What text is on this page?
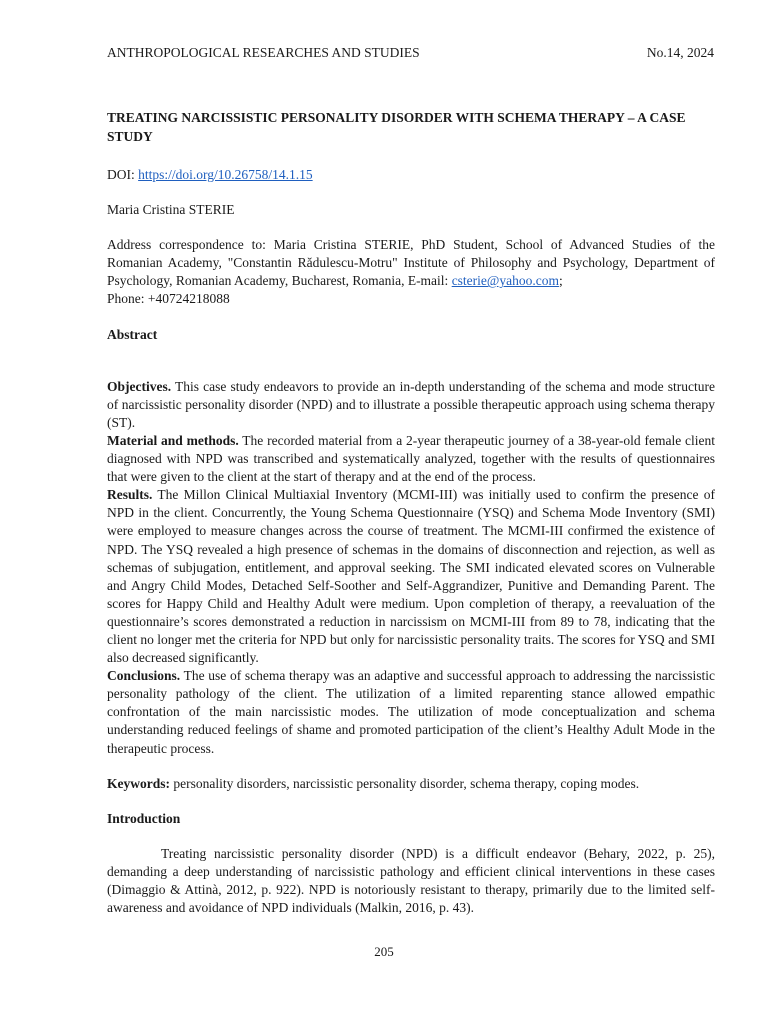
ANTHROPOLOGICAL RESEARCHES AND STUDIES	No.14, 2024

TREATING NARCISSISTIC PERSONALITY DISORDER WITH SCHEMA THERAPY – A CASE STUDY

DOI: https://doi.org/10.26758/14.1.15

Maria Cristina STERIE

Address correspondence to: Maria Cristina STERIE, PhD Student, School of Advanced Studies of the Romanian Academy, "Constantin Rădulescu-Motru" Institute of Philosophy and Psychology, Department of Psychology, Romanian Academy, Bucharest, Romania, E-mail: csterie@yahoo.com;
Phone: +40724218088

Abstract

Objectives. This case study endeavors to provide an in-depth understanding of the schema and mode structure of narcissistic personality disorder (NPD) and to illustrate a possible therapeutic approach using schema therapy (ST).

Material and methods. The recorded material from a 2-year therapeutic journey of a 38-year-old female client diagnosed with NPD was transcribed and systematically analyzed, together with the results of questionnaires that were given to the client at the start of therapy and at the end of the process.

Results. The Millon Clinical Multiaxial Inventory (MCMI-III) was initially used to confirm the presence of NPD in the client. Concurrently, the Young Schema Questionnaire (YSQ) and Schema Mode Inventory (SMI) were employed to measure changes across the course of treatment. The MCMI-III confirmed the existence of NPD. The YSQ revealed a high presence of schemas in the domains of disconnection and rejection, as well as schemas of subjugation, entitlement, and approval seeking. The SMI indicated elevated scores on Vulnerable and Angry Child Modes, Detached Self-Soother and Self-Aggrandizer, Punitive and Demanding Parent. The scores for Happy Child and Healthy Adult were medium. Upon completion of therapy, a reevaluation of the questionnaire’s scores demonstrated a reduction in narcissism on MCMI-III from 89 to 78, indicating that the client no longer met the criteria for NPD but only for narcissistic personality traits. The scores for YSQ and SMI also decreased significantly.

Conclusions. The use of schema therapy was an adaptive and successful approach to addressing the narcissistic personality pathology of the client. The utilization of a limited reparenting stance allowed empathic confrontation of the main narcissistic modes. The utilization of mode conceptualization and schema understanding reduced feelings of shame and promoted participation of the client’s Healthy Adult Mode in the therapeutic process.

Keywords: personality disorders, narcissistic personality disorder, schema therapy, coping modes.

Introduction

Treating narcissistic personality disorder (NPD) is a difficult endeavor (Behary, 2022, p. 25), demanding a deep understanding of narcissistic pathology and efficient clinical interventions in these cases (Dimaggio & Attinà, 2012, p. 922). NPD is notoriously resistant to therapy, primarily due to the limited self-awareness and avoidance of NPD individuals (Malkin, 2016, p. 43).

205
